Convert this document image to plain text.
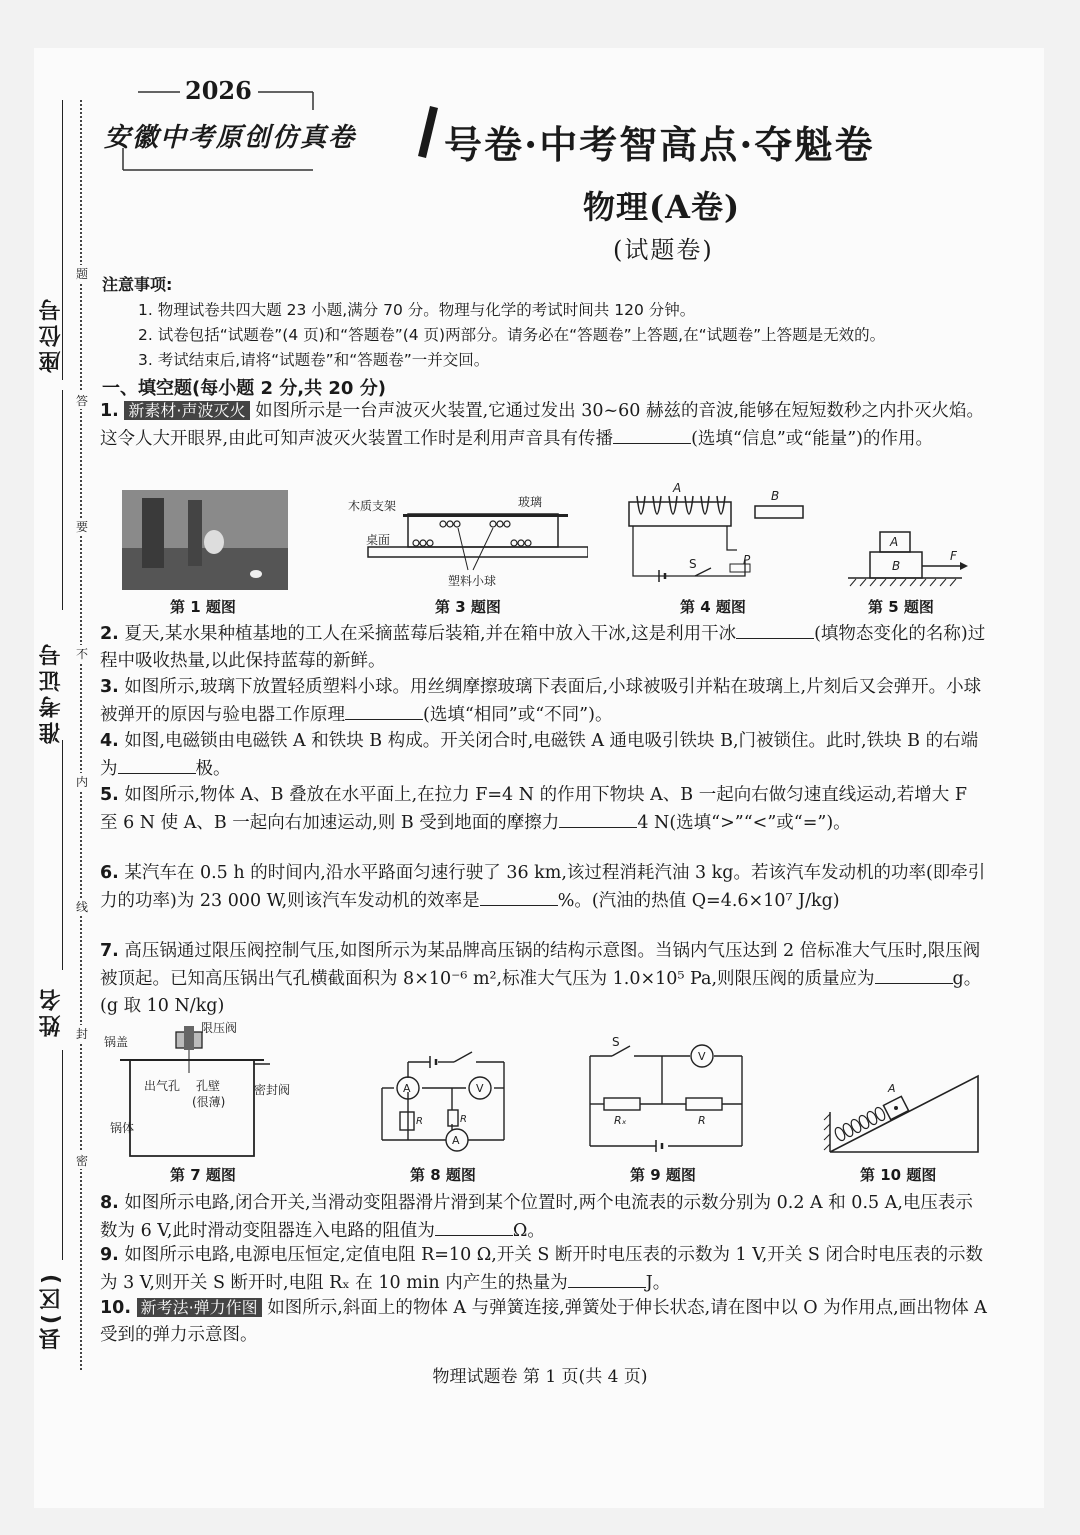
座位号
准考证号
姓名
县(区)
题
答
要
不
内
线
封
密
2026
安徽中考原创仿真卷 号卷·中考智高点·夺魁卷
物理(A卷)
(试题卷)
注意事项:
1. 物理试卷共四大题 23 小题,满分 70 分。物理与化学的考试时间共 120 分钟。
2. 试卷包括“试题卷”(4 页)和“答题卷”(4 页)两部分。请务必在“答题卷”上答题,在“试题卷”上答题是无效的。
3. 考试结束后,请将“试题卷”和“答题卷”一并交回。
一、填空题(每小题 2 分,共 20 分)
1. 新素材·声波灭火 如图所示是一台声波灭火装置,它通过发出 30~60 赫兹的音波,能够在短短数秒之内扑灭火焰。这令人大开眼界,由此可知声波灭火装置工作时是利用声音具有传播	(选填“信息”或“能量”)的作用。
第 1 题图
木质支架	玻璃
桌面
塑料小球
第 3 题图
A
B
S	P
第 4 题图
A
B
F
第 5 题图
2. 夏天,某水果种植基地的工人在采摘蓝莓后装箱,并在箱中放入干冰,这是利用干冰	(填物态变化的名称)过程中吸收热量,以此保持蓝莓的新鲜。
3. 如图所示,玻璃下放置轻质塑料小球。用丝绸摩擦玻璃下表面后,小球被吸引并粘在玻璃上,片刻后又会弹开。小球被弹开的原因与验电器工作原理	(选填“相同”或“不同”)。
4. 如图,电磁锁由电磁铁 A 和铁块 B 构成。开关闭合时,电磁铁 A 通电吸引铁块 B,门被锁住。此时,铁块 B 的右端为	极。
5. 如图所示,物体 A、B 叠放在水平面上,在拉力 F=4 N 的作用下物块 A、B 一起向右做匀速直线运动,若增大 F 至 6 N 使 A、B 一起向右加速运动,则 B 受到地面的摩擦力	4 N(选填“>”“<”或“=”)。
6. 某汽车在 0.5 h 的时间内,沿水平路面匀速行驶了 36 km,该过程消耗汽油 3 kg。若该汽车发动机的功率(即牵引力的功率)为 23 000 W,则该汽车发动机的效率是	%。(汽油的热值 Q=4.6×10⁷ J/kg)
7. 高压锅通过限压阀控制气压,如图所示为某品牌高压锅的结构示意图。当锅内气压达到 2 倍标准大气压时,限压阀被顶起。已知高压锅出气孔横截面积为 8×10⁻⁶ m²,标准大气压为 1.0×10⁵ Pa,则限压阀的质量应为	g。(g 取 10 N/kg)
限压阀
锅盖
出气孔 孔壁
(很薄)
密封阀
锅体
第 7 题图
A	V
A
R	R
第 8 题图
S
V
Rₓ	R
第 9 题图
A
第 10 题图
8. 如图所示电路,闭合开关,当滑动变阻器滑片滑到某个位置时,两个电流表的示数分别为 0.2 A 和 0.5 A,电压表示数为 6 V,此时滑动变阻器连入电路的阻值为	Ω。
9. 如图所示电路,电源电压恒定,定值电阻 R=10 Ω,开关 S 断开时电压表的示数为 1 V,开关 S 闭合时电压表的示数为 3 V,则开关 S 断开时,电阻 Rₓ 在 10 min 内产生的热量为	J。
10. 新考法·弹力作图 如图所示,斜面上的物体 A 与弹簧连接,弹簧处于伸长状态,请在图中以 O 为作用点,画出物体 A 受到的弹力示意图。
物理试题卷 第 1 页(共 4 页)
